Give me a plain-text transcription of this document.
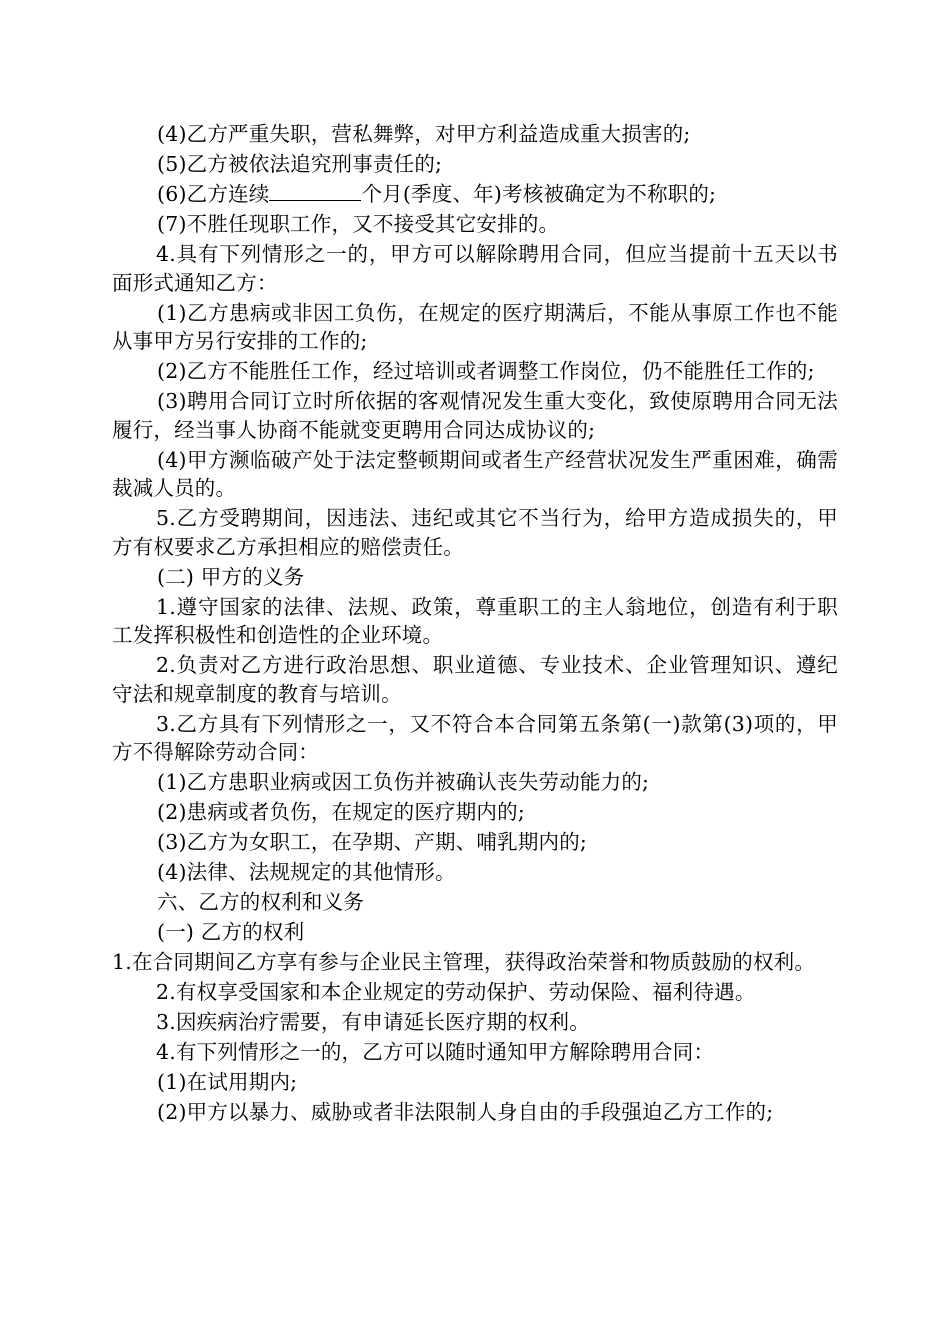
(4)乙方严重失职，营私舞弊，对甲方利益造成重大损害的;

(5)乙方被依法追究刑事责任的;

(6)乙方连续	个月(季度、年)考核被确定为不称职的;

(7)不胜任现职工作，又不接受其它安排的。

4.具有下列情形之一的，甲方可以解除聘用合同，但应当提前十五天以书面形式通知乙方：

(1)乙方患病或非因工负伤，在规定的医疗期满后，不能从事原工作也不能从事甲方另行安排的工作的;

(2)乙方不能胜任工作，经过培训或者调整工作岗位，仍不能胜任工作的;

(3)聘用合同订立时所依据的客观情况发生重大变化，致使原聘用合同无法履行，经当事人协商不能就变更聘用合同达成协议的;

(4)甲方濒临破产处于法定整顿期间或者生产经营状况发生严重困难，确需裁减人员的。

5.乙方受聘期间，因违法、违纪或其它不当行为，给甲方造成损失的，甲方有权要求乙方承担相应的赔偿责任。

(二) 甲方的义务

1.遵守国家的法律、法规、政策，尊重职工的主人翁地位，创造有利于职工发挥积极性和创造性的企业环境。

2.负责对乙方进行政治思想、职业道德、专业技术、企业管理知识、遵纪守法和规章制度的教育与培训。

3.乙方具有下列情形之一，又不符合本合同第五条第(一)款第(3)项的，甲方不得解除劳动合同：

(1)乙方患职业病或因工负伤并被确认丧失劳动能力的;

(2)患病或者负伤，在规定的医疗期内的;

(3)乙方为女职工，在孕期、产期、哺乳期内的;

(4)法律、法规规定的其他情形。

六、乙方的权利和义务

(一) 乙方的权利

1.在合同期间乙方享有参与企业民主管理，获得政治荣誉和物质鼓励的权利。

2.有权享受国家和本企业规定的劳动保护、劳动保险、福利待遇。

3.因疾病治疗需要，有申请延长医疗期的权利。

4.有下列情形之一的，乙方可以随时通知甲方解除聘用合同：

(1)在试用期内;

(2)甲方以暴力、威胁或者非法限制人身自由的手段强迫乙方工作的;
